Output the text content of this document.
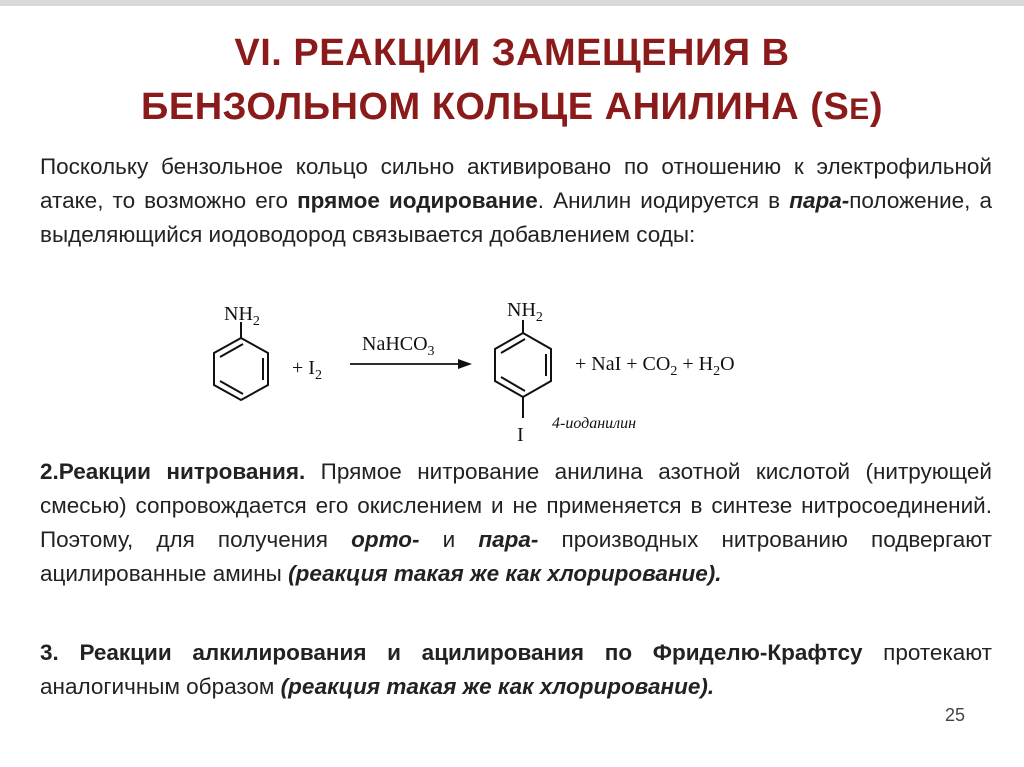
VI. РЕАКЦИИ ЗАМЕЩЕНИЯ В
БЕНЗОЛЬНОМ КОЛЬЦЕ АНИЛИНА (SE)
Поскольку бензольное кольцо сильно активировано по отношению к электрофильной атаке, то возможно его прямое иодирование. Анилин иодируется в пара-положение, а выделяющийся иодоводород связывается добавлением соды:
$NH_2$
+ $I_2$
NaHCO$_3$
$NH_2$
I
+ NaI + $CO_2 + H_2O$
4-иоданилин
2.Реакции нитрования. Прямое нитрование анилина азотной кислотой (нитрующей смесью) сопровождается его окислением и не применяется в синтезе нитросоединений. Поэтому, для получения орто- и пара- производных нитрованию подвергают ацилированные амины (реакция такая же как хлорирование).
3. Реакции алкилирования и ацилирования по Фриделю-Крафтсу протекают аналогичным образом (реакция такая же как хлорирование).
25
